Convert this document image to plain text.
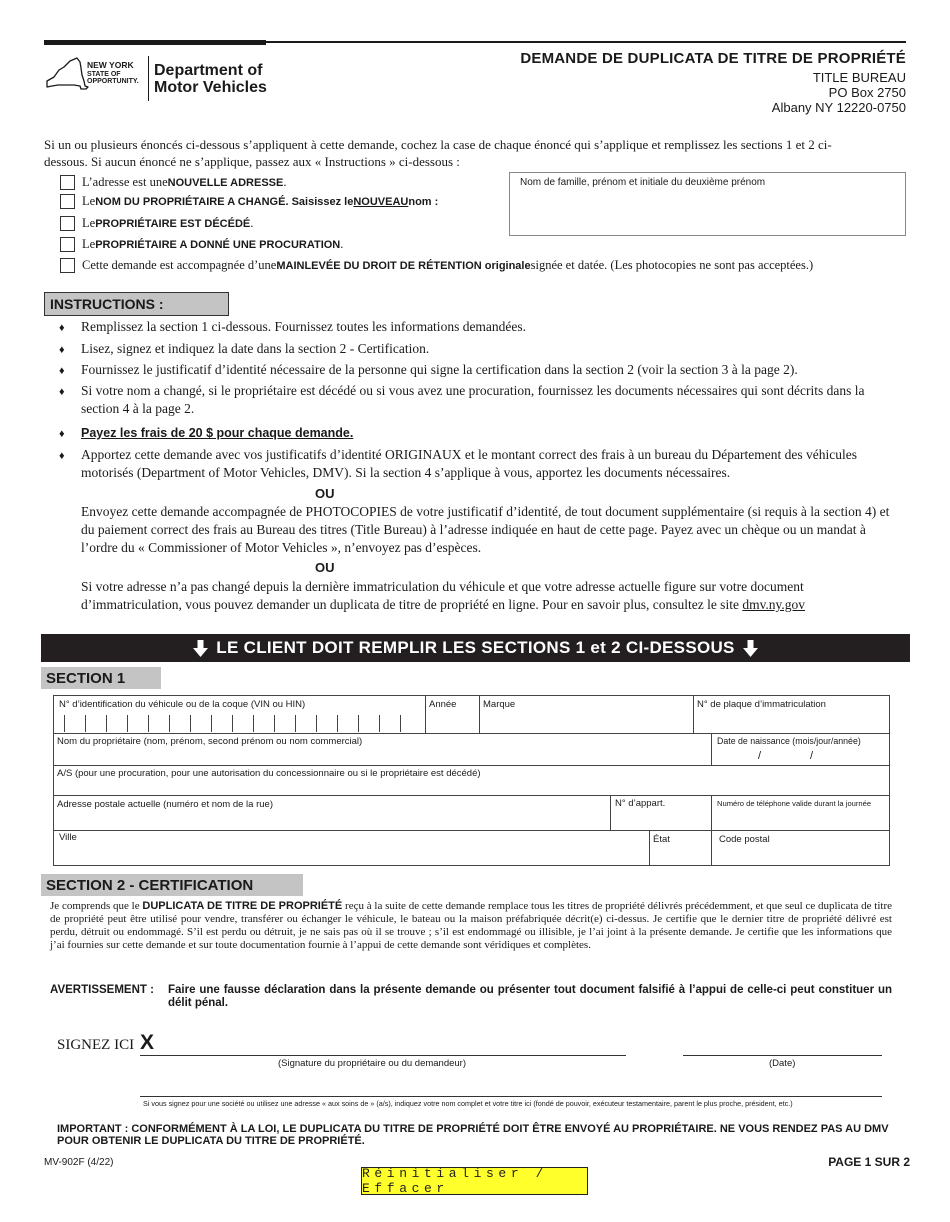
NEW YORK
STATE OF
OPPORTUNITY.
Department of
Motor Vehicles
DEMANDE DE DUPLICATA DE TITRE DE PROPRIÉTÉ
TITLE BUREAU
PO Box 2750
Albany NY 12220-0750
Si un ou plusieurs énoncés ci-dessous s’appliquent à cette demande, cochez la case de chaque énoncé qui s’applique et remplissez les sections 1 et 2 ci-dessous. Si aucun énoncé ne s’applique, passez aux « Instructions » ci-dessous :
L’adresse est une NOUVELLE ADRESSE .
Le NOM DU PROPRIÉTAIRE A CHANGÉ . Saisissez le NOUVEAU nom :
Le PROPRIÉTAIRE EST DÉCÉDÉ .
Le PROPRIÉTAIRE A DONNÉ UNE PROCURATION .
Cette demande est accompagnée d’une MAINLEVÉE DU DROIT DE RÉTENTION originale signée et datée. (Les photocopies ne sont pas acceptées.)
Nom de famille, prénom et initiale du deuxième prénom
INSTRUCTIONS :
♦ Remplissez la section 1 ci-dessous. Fournissez toutes les informations demandées.
♦ Lisez, signez et indiquez la date dans la section 2 - Certification.
♦ Fournissez le justificatif d’identité nécessaire de la personne qui signe la certification dans la section 2 (voir la section 3 à la page 2).
♦ Si votre nom a changé, si le propriétaire est décédé ou si vous avez une procuration, fournissez les documents nécessaires qui sont décrits dans la section 4 à la page 2.
♦ Payez les frais de 20 $ pour chaque demande.
♦ Apportez cette demande avec vos justificatifs d’identité ORIGINAUX et le montant correct des frais à un bureau du Département des véhicules motorisés (Department of Motor Vehicles, DMV). Si la section 4 s’applique à vous, apportez les documents nécessaires.
OU
Envoyez cette demande accompagnée de PHOTOCOPIES de votre justificatif d’identité, de tout document supplémentaire (si requis à la section 4) et du paiement correct des frais au Bureau des titres (Title Bureau) à l’adresse indiquée en haut de cette page. Payez avec un chèque ou un mandat à l’ordre du « Commissioner of Motor Vehicles », n’envoyez pas d’espèces.
OU
Si votre adresse n’a pas changé depuis la dernière immatriculation du véhicule et que votre adresse actuelle figure sur votre document d’immatriculation, vous pouvez demander un duplicata de titre de propriété en ligne. Pour en savoir plus, consultez le site dmv.ny.gov
LE CLIENT DOIT REMPLIR LES SECTIONS 1 et 2 CI-DESSOUS
SECTION 1
N° d’identification du véhicule ou de la coque (VIN ou HIN)	Année	Marque	N° de plaque d’immatriculation
Nom du propriétaire (nom, prénom, second prénom ou nom commercial)	Date de naissance (mois/jour/année)
/	/
A/S (pour une procuration, pour une autorisation du concessionnaire ou si le propriétaire est décédé)
Adresse postale actuelle (numéro et nom de la rue)	N° d’appart.	Numéro de téléphone valide durant la journée
Ville	État	Code postal
SECTION 2 - CERTIFICATION
Je comprends que le DUPLICATA DE TITRE DE PROPRIÉTÉ reçu à la suite de cette demande remplace tous les titres de propriété délivrés précédemment, et que seul ce duplicata de titre de propriété peut être utilisé pour vendre, transférer ou échanger le véhicule, le bateau ou la maison préfabriquée décrit(e) ci-dessus. Je certifie que le dernier titre de propriété délivré est perdu, détruit ou endommagé. S’il est perdu ou détruit, je ne sais pas où il se trouve ; s’il est endommagé ou illisible, je l’ai joint à la présente demande. Je certifie que les informations que j’ai fournies sur cette demande et sur toute documentation fournie à l’appui de cette demande sont véridiques et complètes.
AVERTISSEMENT : Faire une fausse déclaration dans la présente demande ou présenter tout document falsifié à l’appui de celle-ci peut constituer un délit pénal.
SIGNEZ ICI X
(Signature du propriétaire ou du demandeur)	(Date)
Si vous signez pour une société ou utilisez une adresse « aux soins de » (a/s), indiquez votre nom complet et votre titre ici (fondé de pouvoir, exécuteur testamentaire, parent le plus proche, président, etc.)
IMPORTANT : CONFORMÉMENT À LA LOI, LE DUPLICATA DU TITRE DE PROPRIÉTÉ DOIT ÊTRE ENVOYÉ AU PROPRIÉTAIRE. NE VOUS RENDEZ PAS AU DMV POUR OBTENIR LE DUPLICATA DU TITRE DE PROPRIÉTÉ.
MV-902F (4/22)	PAGE 1 SUR 2
Réinitialiser / Effacer
